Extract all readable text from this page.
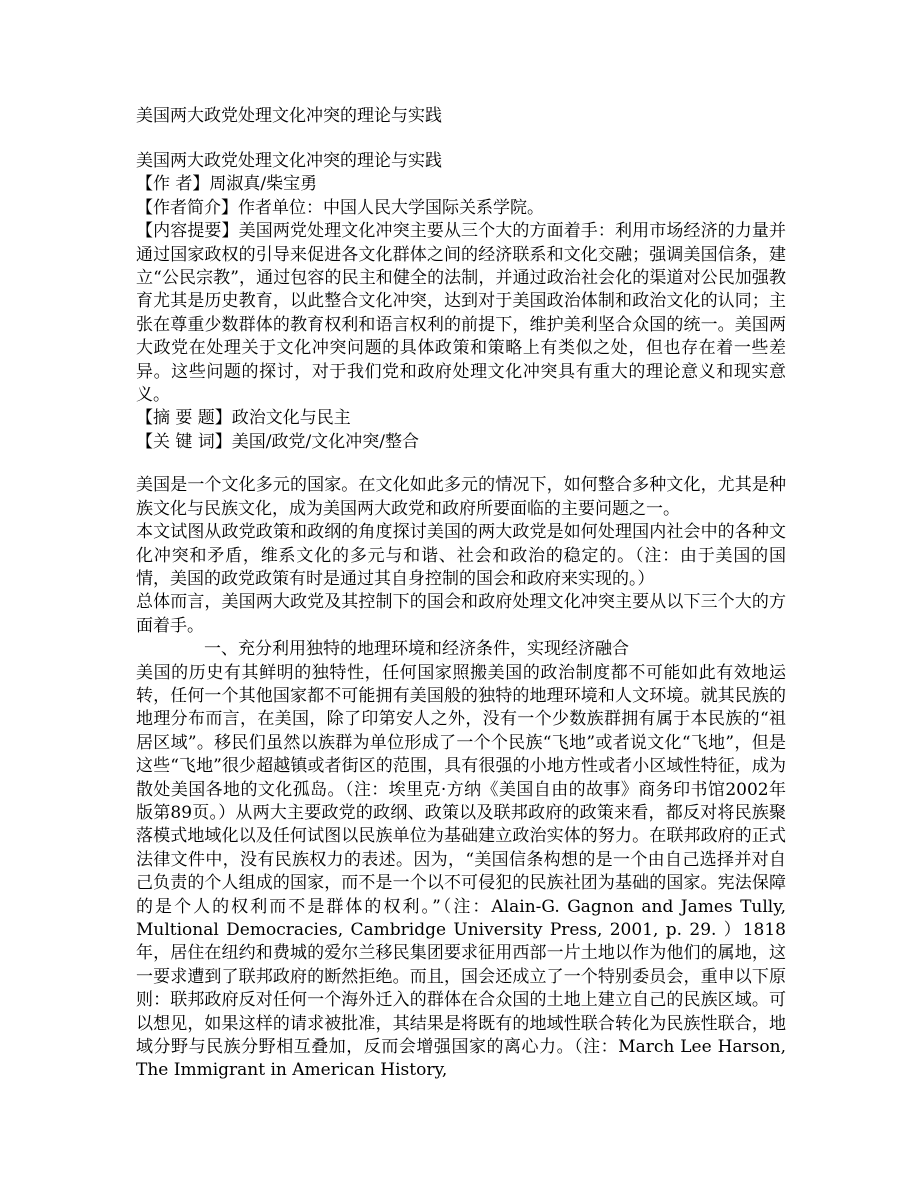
美国两大政党处理文化冲突的理论与实践

美国两大政党处理文化冲突的理论与实践

【作 者】周淑真/柴宝勇

【作者简介】作者单位：中国人民大学国际关系学院。

【内容提要】美国两党处理文化冲突主要从三个大的方面着手：利用市场经济的力量并通过国家政权的引导来促进各文化群体之间的经济联系和文化交融；强调美国信条，建立“公民宗教”，通过包容的民主和健全的法制，并通过政治社会化的渠道对公民加强教育尤其是历史教育，以此整合文化冲突，达到对于美国政治体制和政治文化的认同；主张在尊重少数群体的教育权利和语言权利的前提下，维护美利坚合众国的统一。美国两大政党在处理关于文化冲突问题的具体政策和策略上有类似之处，但也存在着一些差异。这些问题的探讨，对于我们党和政府处理文化冲突具有重大的理论意义和现实意义。

【摘 要 题】政治文化与民主

【关 键 词】美国/政党/文化冲突/整合

美国是一个文化多元的国家。在文化如此多元的情况下，如何整合多种文化，尤其是种族文化与民族文化，成为美国两大政党和政府所要面临的主要问题之一。

本文试图从政党政策和政纲的角度探讨美国的两大政党是如何处理国内社会中的各种文化冲突和矛盾，维系文化的多元与和谐、社会和政治的稳定的。（注：由于美国的国情，美国的政党政策有时是通过其自身控制的国会和政府来实现的。）

总体而言，美国两大政党及其控制下的国会和政府处理文化冲突主要从以下三个大的方面着手。

一、充分利用独特的地理环境和经济条件，实现经济融合

美国的历史有其鲜明的独特性，任何国家照搬美国的政治制度都不可能如此有效地运转，任何一个其他国家都不可能拥有美国般的独特的地理环境和人文环境。就其民族的地理分布而言，在美国，除了印第安人之外，没有一个少数族群拥有属于本民族的“祖居区域”。移民们虽然以族群为单位形成了一个个民族“飞地”或者说文化“飞地”，但是这些“飞地”很少超越镇或者街区的范围，具有很强的小地方性或者小区域性特征，成为散处美国各地的文化孤岛。（注：埃里克·方纳《美国自由的故事》商务印书馆2002年版第89页。）从两大主要政党的政纲、政策以及联邦政府的政策来看，都反对将民族聚落模式地域化以及任何试图以民族单位为基础建立政治实体的努力。在联邦政府的正式法律文件中，没有民族权力的表述。因为，“美国信条构想的是一个由自己选择并对自己负责的个人组成的国家，而不是一个以不可侵犯的民族社团为基础的国家。宪法保障的是个人的权利而不是群体的权利。”（注：Alain-G. Gagnon and James Tully, Multional Democracies, Cambridge University Press, 2001, p. 29. ）1818年，居住在纽约和费城的爱尔兰移民集团要求征用西部一片土地以作为他们的属地，这一要求遭到了联邦政府的断然拒绝。而且，国会还成立了一个特别委员会，重申以下原则：联邦政府反对任何一个海外迁入的群体在合众国的土地上建立自己的民族区域。可以想见，如果这样的请求被批准，其结果是将既有的地域性联合转化为民族性联合，地域分野与民族分野相互叠加，反而会增强国家的离心力。（注：March Lee Harson, The Immigrant in American History,
